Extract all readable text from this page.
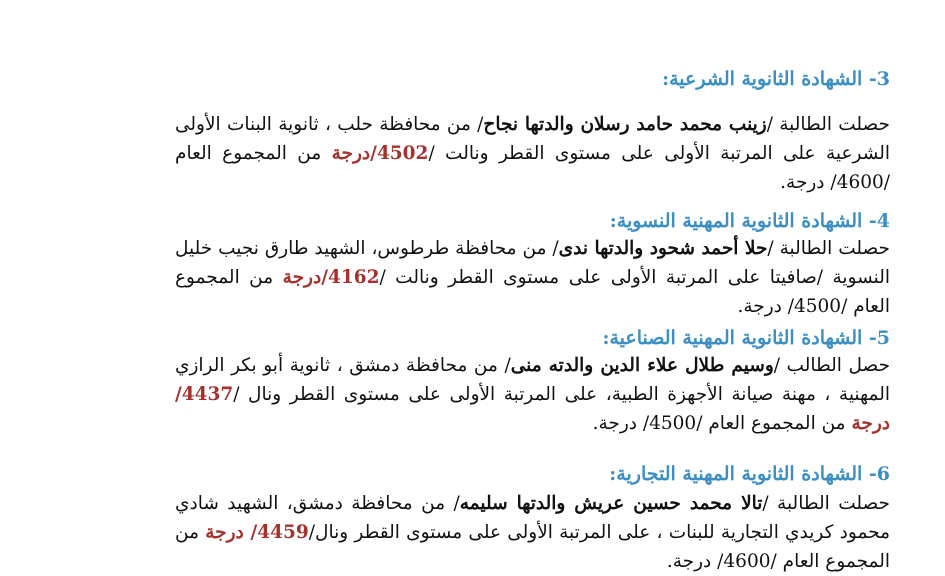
3- الشهادة الثانوية الشرعية:
حصلت الطالبة /زينب محمد حامد رسلان والدتها نجاح/ من محافظة حلب ، ثانوية البنات الأولى الشرعية على المرتبة الأولى على مستوى القطر ونالت /4502/درجة من المجموع العام /4600/ درجة.
4- الشهادة الثانوية المهنية النسوية:
حصلت الطالبة /حلا أحمد شحود والدتها ندى/ من محافظة طرطوس، الشهيد طارق نجيب خليل النسوية /صافيتا على المرتبة الأولى على مستوى القطر ونالت /4162/درجة من المجموع العام /4500/ درجة.
5- الشهادة الثانوية المهنية الصناعية:
حصل الطالب /وسيم طلال علاء الدين والدته منى/ من محافظة دمشق ، ثانوية أبو بكر الرازي المهنية ، مهنة صيانة الأجهزة الطبية، على المرتبة الأولى على مستوى القطر ونال /4437/درجة من المجموع العام /4500/ درجة.
6- الشهادة الثانوية المهنية التجارية:
حصلت الطالبة /تالا محمد حسين عريش والدتها سليمه/ من محافظة دمشق، الشهيد شادي محمود كريدي التجارية للبنات ، على المرتبة الأولى على مستوى القطر ونال/4459/ درجة من المجموع العام /4600/ درجة.
